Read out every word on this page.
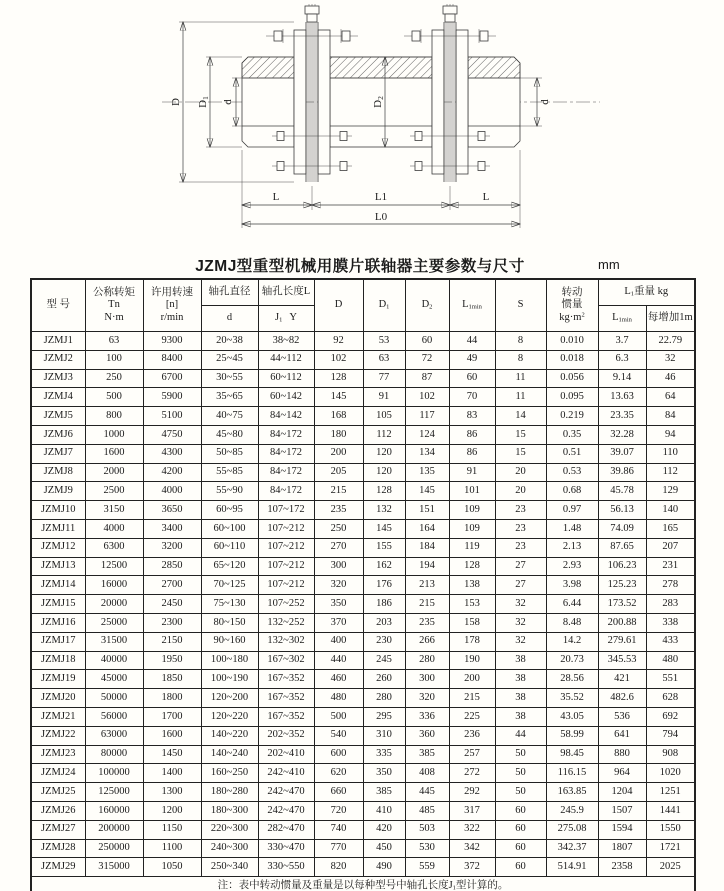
D D1
d	D2
d
L	L1	L
L0
JZMJ型重型机械用膜片联轴器主要参数与尺寸	mm
型 号	
公称转矩
Tn
N·m

许用转速
[n]
r/min
	轴孔直径	轴孔长度L	D	$D_1$	$D_2$	$L_{1min}$	S	
转动
惯量
$kg\cdot m^2$
	$L_1$重量 kg
			d	$J_1$ Y							$L_{1min}$	每增加1m
JZMJ1	63	9300	20~38	38~82	92	53	60	44	8	0.010	3.7	22.79
JZMJ2	100	8400	25~45	44~112	102	63	72	49	8	0.018	6.3	32
JZMJ3	250	6700	30~55	60~112	128	77	87	60	11	0.056	9.14	46
JZMJ4	500	5900	35~65	60~142	145	91	102	70	11	0.095	13.63	64
JZMJ5	800	5100	40~75	84~142	168	105	117	83	14	0.219	23.35	84
JZMJ6	1000	4750	45~80	84~172	180	112	124	86	15	0.35	32.28	94
JZMJ7	1600	4300	50~85	84~172	200	120	134	86	15	0.51	39.07	110
JZMJ8	2000	4200	55~85	84~172	205	120	135	91	20	0.53	39.86	112
JZMJ9	2500	4000	55~90	84~172	215	128	145	101	20	0.68	45.78	129
JZMJ10	3150	3650	60~95	107~172	235	132	151	109	23	0.97	56.13	140
JZMJ11	4000	3400	60~100	107~212	250	145	164	109	23	1.48	74.09	165
JZMJ12	6300	3200	60~110	107~212	270	155	184	119	23	2.13	87.65	207
JZMJ13	12500	2850	65~120	107~212	300	162	194	128	27	2.93	106.23	231
JZMJ14	16000	2700	70~125	107~212	320	176	213	138	27	3.98	125.23	278
JZMJ15	20000	2450	75~130	107~252	350	186	215	153	32	6.44	173.52	283
JZMJ16	25000	2300	80~150	132~252	370	203	235	158	32	8.48	200.88	338
JZMJ17	31500	2150	90~160	132~302	400	230	266	178	32	14.2	279.61	433
JZMJ18	40000	1950	100~180	167~302	440	245	280	190	38	20.73	345.53	480
JZMJ19	45000	1850	100~190	167~352	460	260	300	200	38	28.56	421	551
JZMJ20	50000	1800	120~200	167~352	480	280	320	215	38	35.52	482.6	628
JZMJ21	56000	1700	120~220	167~352	500	295	336	225	38	43.05	536	692
JZMJ22	63000	1600	140~220	202~352	540	310	360	236	44	58.99	641	794
JZMJ23	80000	1450	140~240	202~410	600	335	385	257	50	98.45	880	908
JZMJ24	100000	1400	160~250	242~410	620	350	408	272	50	116.15	964	1020
JZMJ25	125000	1300	180~280	242~470	660	385	445	292	50	163.85	1204	1251
JZMJ26	160000	1200	180~300	242~470	720	410	485	317	60	245.9	1507	1441
JZMJ27	200000	1150	220~300	282~470	740	420	503	322	60	275.08	1594	1550
JZMJ28	250000	1100	240~300	330~470	770	450	530	342	60	342.37	1807	1721
JZMJ29	315000	1050	250~340	330~550	820	490	559	372	60	514.91	2358	2025
注：表中转动惯量及重量是以每种型号中轴孔长度$J_1$型计算的。												
